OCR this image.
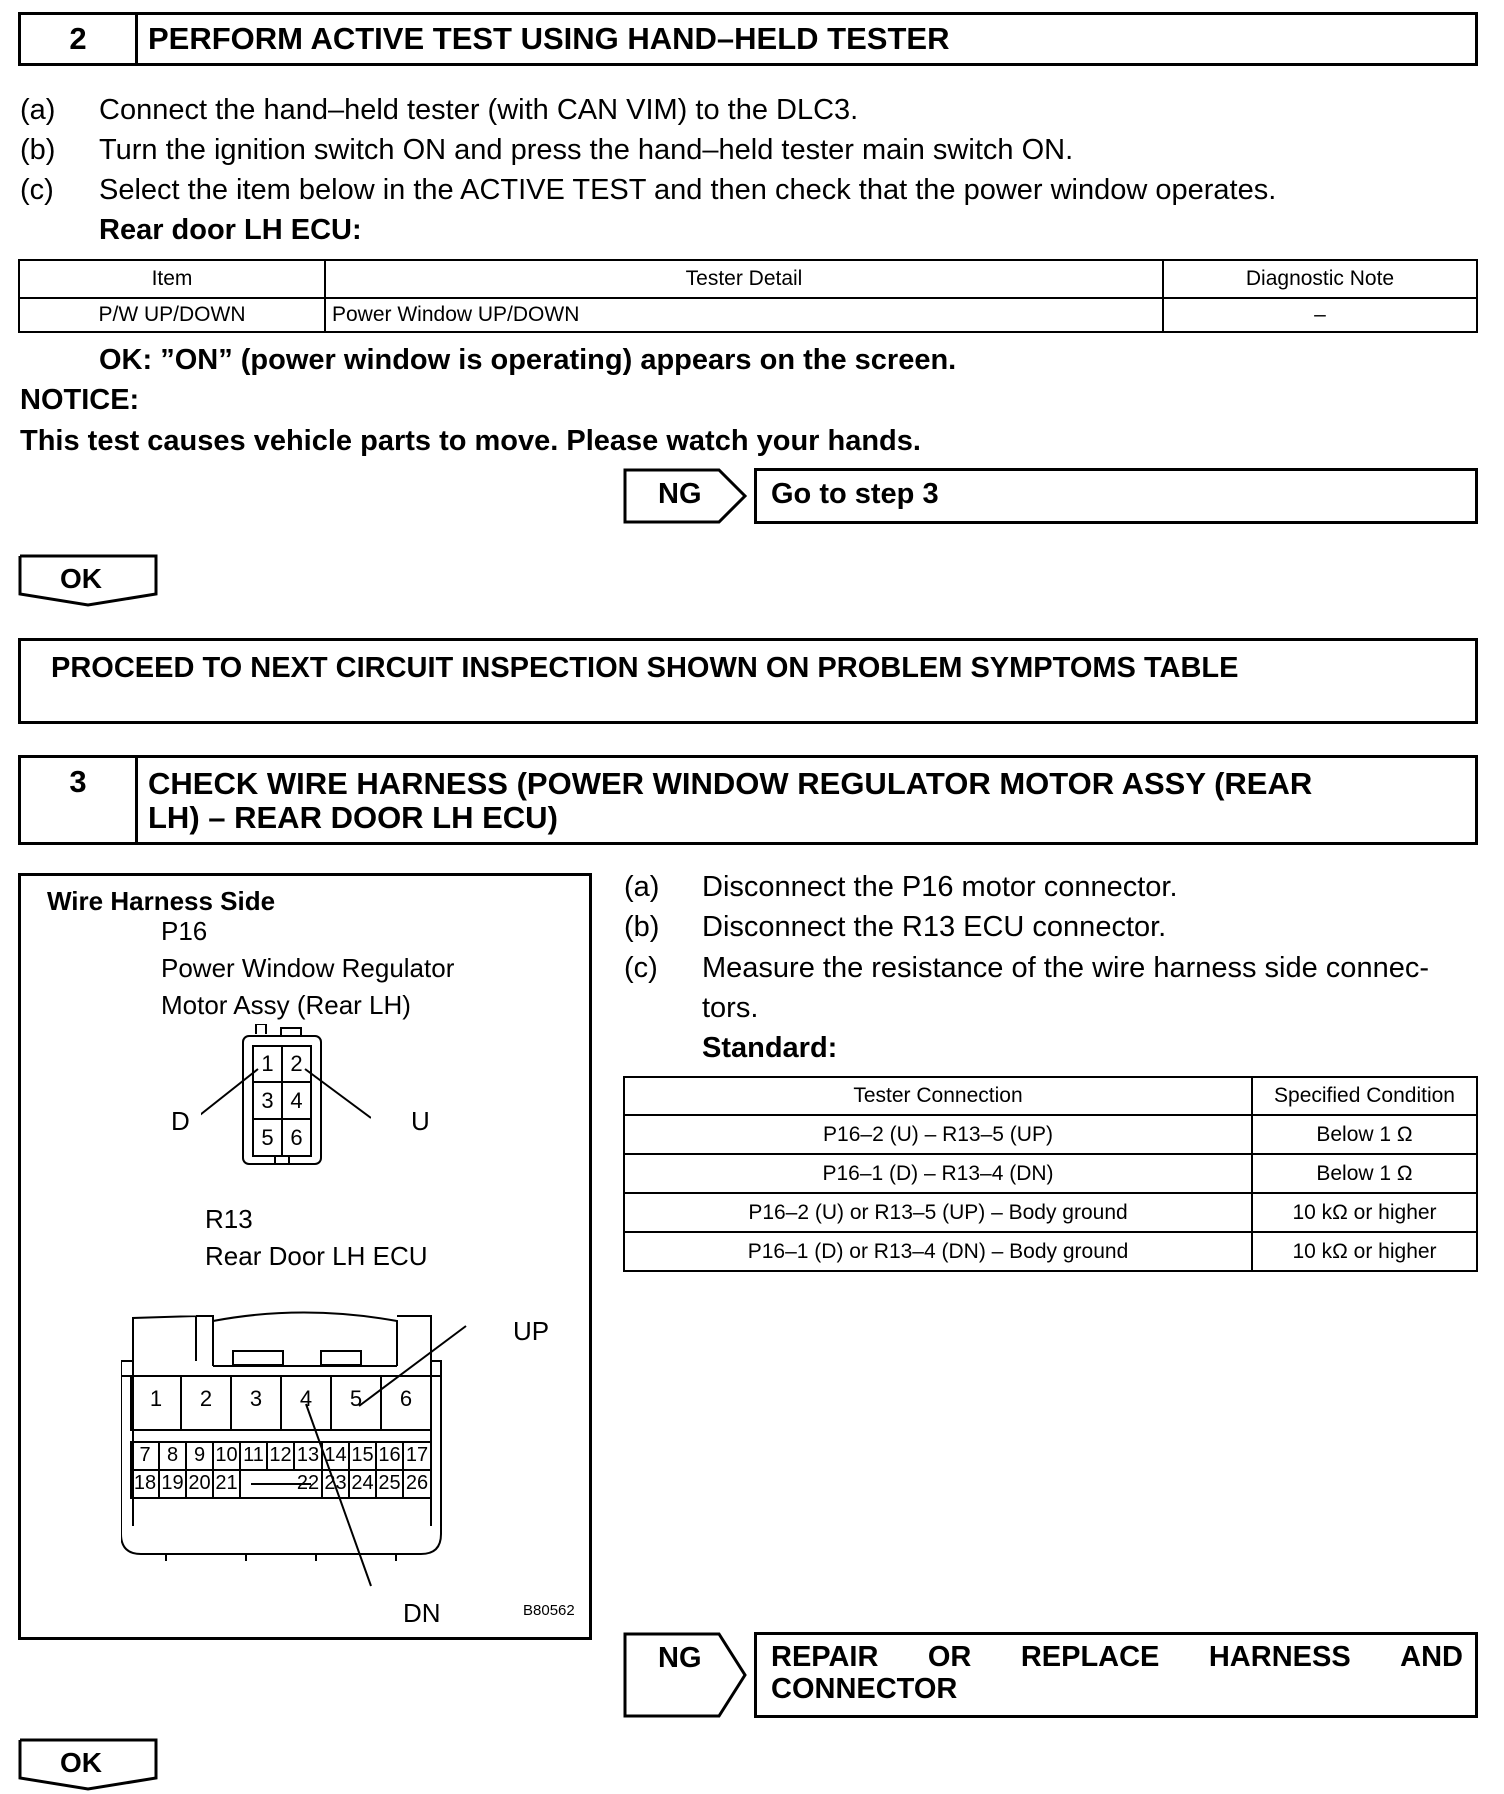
2	PERFORM ACTIVE TEST USING HAND–HELD TESTER
(a) Connect the hand–held tester (with CAN VIM) to the DLC3.
(b) Turn the ignition switch ON and press the hand–held tester main switch ON.
(c) Select the item below in the ACTIVE TEST and then check that the power window operates.
Rear door LH ECU:
Item	Tester Detail	Diagnostic Note
P/W UP/DOWN	Power Window UP/DOWN	–
OK: ”ON” (power window is operating) appears on the screen.
NOTICE:
This test causes vehicle parts to move. Please watch your hands.
NG Go to step 3
OK
PROCEED TO NEXT CIRCUIT INSPECTION SHOWN ON PROBLEM SYMPTOMS TABLE
3	CHECK WIRE HARNESS (POWER WINDOW REGULATOR MOTOR ASSY (REAR
LH) – REAR DOOR LH ECU)
Wire Harness Side
P16
Power Window Regulator
Motor Assy (Rear LH)
1 2
3 4
5 6
D	U
R13
Rear Door LH ECU
1	2	3	4	5	6
7 8 9 10 11 12 13 14 15 16 17
18 19 20 21	22 23 24 25 26
UP
DN	B80562
(a) Disconnect the P16 motor connector.
(b) Disconnect the R13 ECU connector.
(c) Measure the resistance of the wire harness side connec-
tors.
Standard:
Tester Connection	Specified Condition
P16–2 (U) – R13–5 (UP)	Below 1 Ω
P16–1 (D) – R13–4 (DN)	Below 1 Ω
P16–2 (U) or R13–5 (UP) – Body ground	10 kΩ or higher
P16–1 (D) or R13–4 (DN) – Body ground	10 kΩ or higher
NG REPAIR OR REPLACE HARNESS AND
CONNECTOR
OK
